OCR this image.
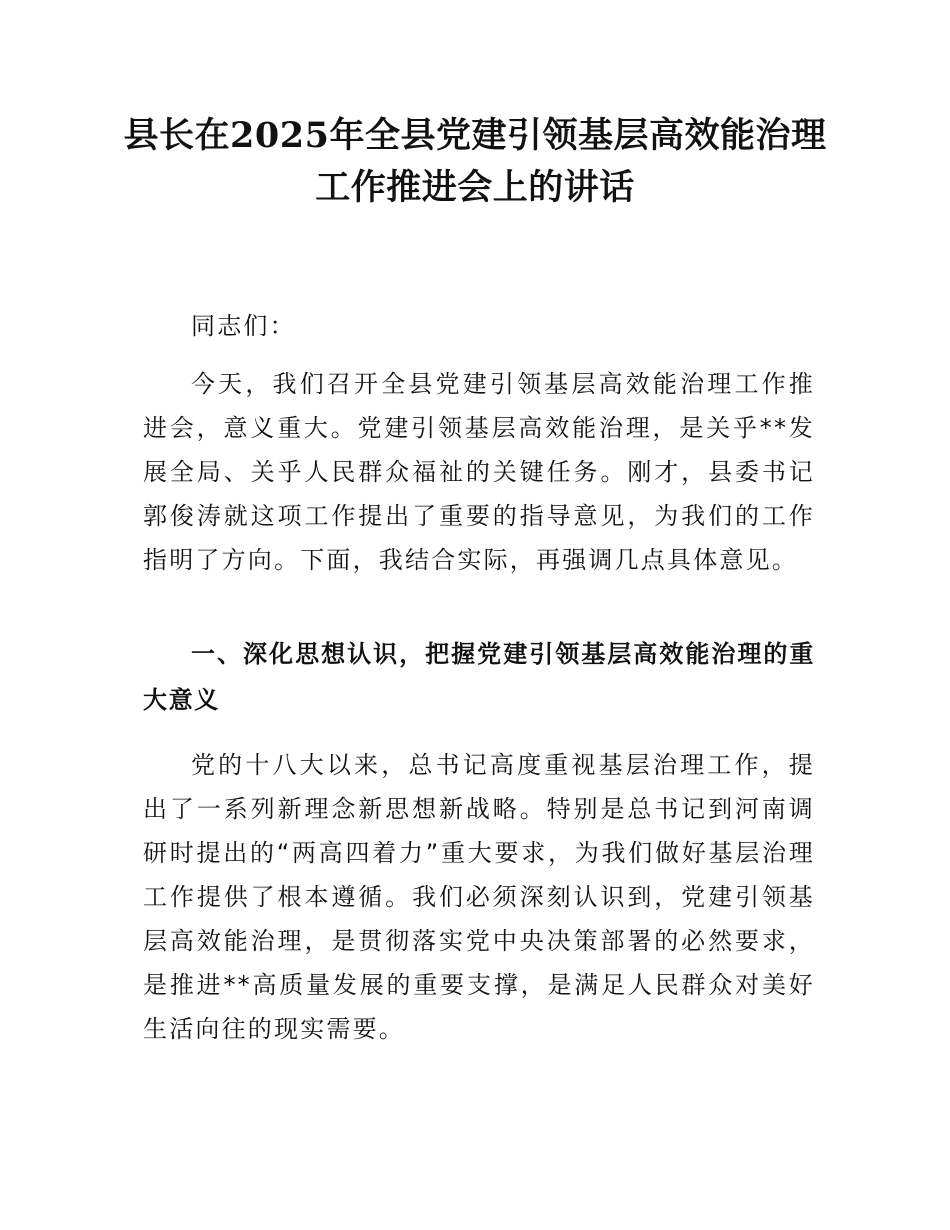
县长在2025年全县党建引领基层高效能治理
工作推进会上的讲话

同志们：

今天，我们召开全县党建引领基层高效能治理工作推进会，意义重大。党建引领基层高效能治理，是关乎**发展全局、关乎人民群众福祉的关键任务。刚才，县委书记郭俊涛就这项工作提出了重要的指导意见，为我们的工作指明了方向。下面，我结合实际，再强调几点具体意见。

一、深化思想认识，把握党建引领基层高效能治理的重大意义

党的十八大以来，总书记高度重视基层治理工作，提出了一系列新理念新思想新战略。特别是总书记到河南调研时提出的“两高四着力”重大要求，为我们做好基层治理工作提供了根本遵循。我们必须深刻认识到，党建引领基层高效能治理，是贯彻落实党中央决策部署的必然要求，是推进**高质量发展的重要支撑，是满足人民群众对美好生活向往的现实需要。
